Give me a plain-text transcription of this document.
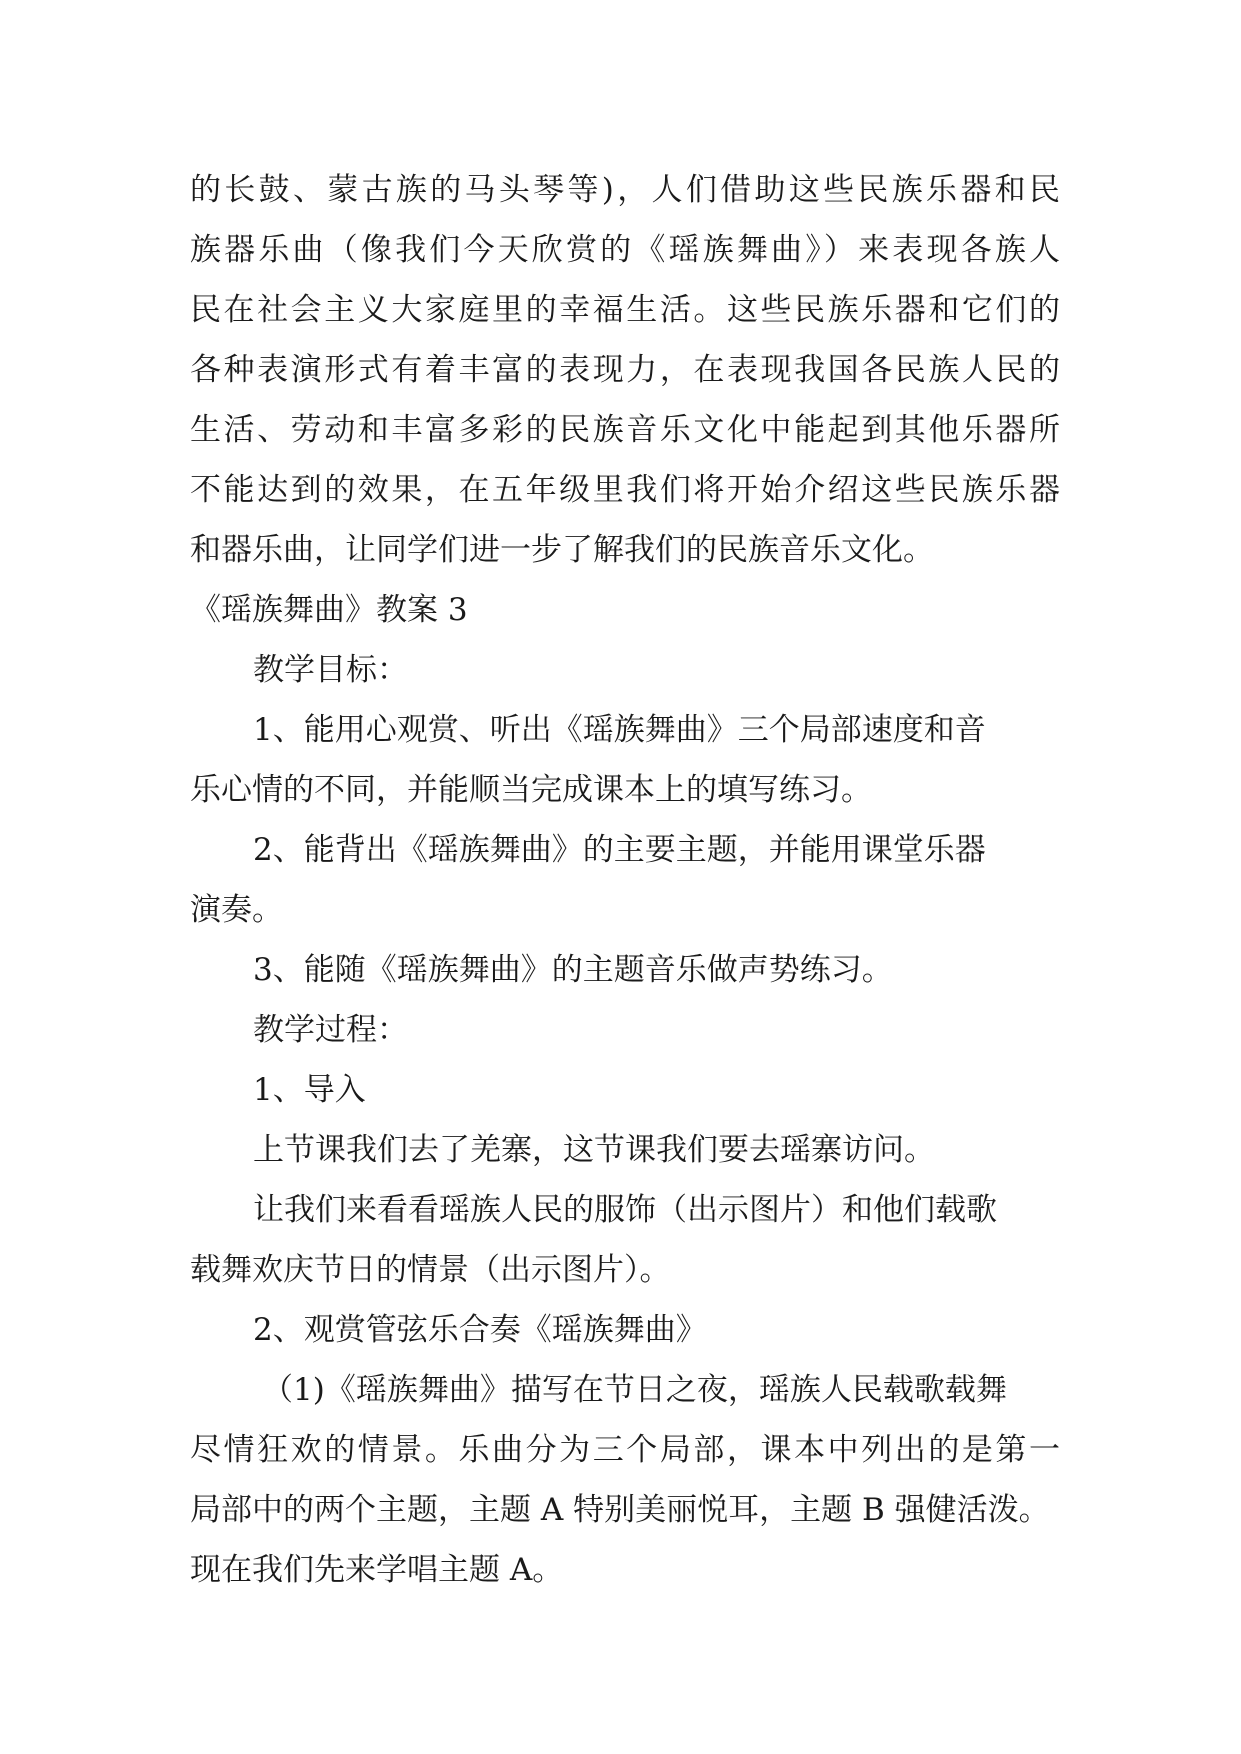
的长鼓、蒙古族的马头琴等)，人们借助这些民族乐器和民
族器乐曲（像我们今天欣赏的《瑶族舞曲》）来表现各族人
民在社会主义大家庭里的幸福生活。这些民族乐器和它们的
各种表演形式有着丰富的表现力，在表现我国各民族人民的
生活、劳动和丰富多彩的民族音乐文化中能起到其他乐器所
不能达到的效果，在五年级里我们将开始介绍这些民族乐器
和器乐曲，让同学们进一步了解我们的民族音乐文化。
《瑶族舞曲》教案 3
教学目标：
1、能用心观赏、听出《瑶族舞曲》三个局部速度和音
乐心情的不同，并能顺当完成课本上的填写练习。
2、能背出《瑶族舞曲》的主要主题，并能用课堂乐器
演奏。
3、能随《瑶族舞曲》的主题音乐做声势练习。
教学过程：
1、导入
上节课我们去了羌寨，这节课我们要去瑶寨访问。
让我们来看看瑶族人民的服饰（出示图片）和他们载歌
载舞欢庆节日的情景（出示图片）。
2、观赏管弦乐合奏《瑶族舞曲》
（1)《瑶族舞曲》描写在节日之夜，瑶族人民载歌载舞
尽情狂欢的情景。乐曲分为三个局部，课本中列出的是第一
局部中的两个主题，主题 A 特别美丽悦耳，主题 B 强健活泼。
现在我们先来学唱主题 A。
